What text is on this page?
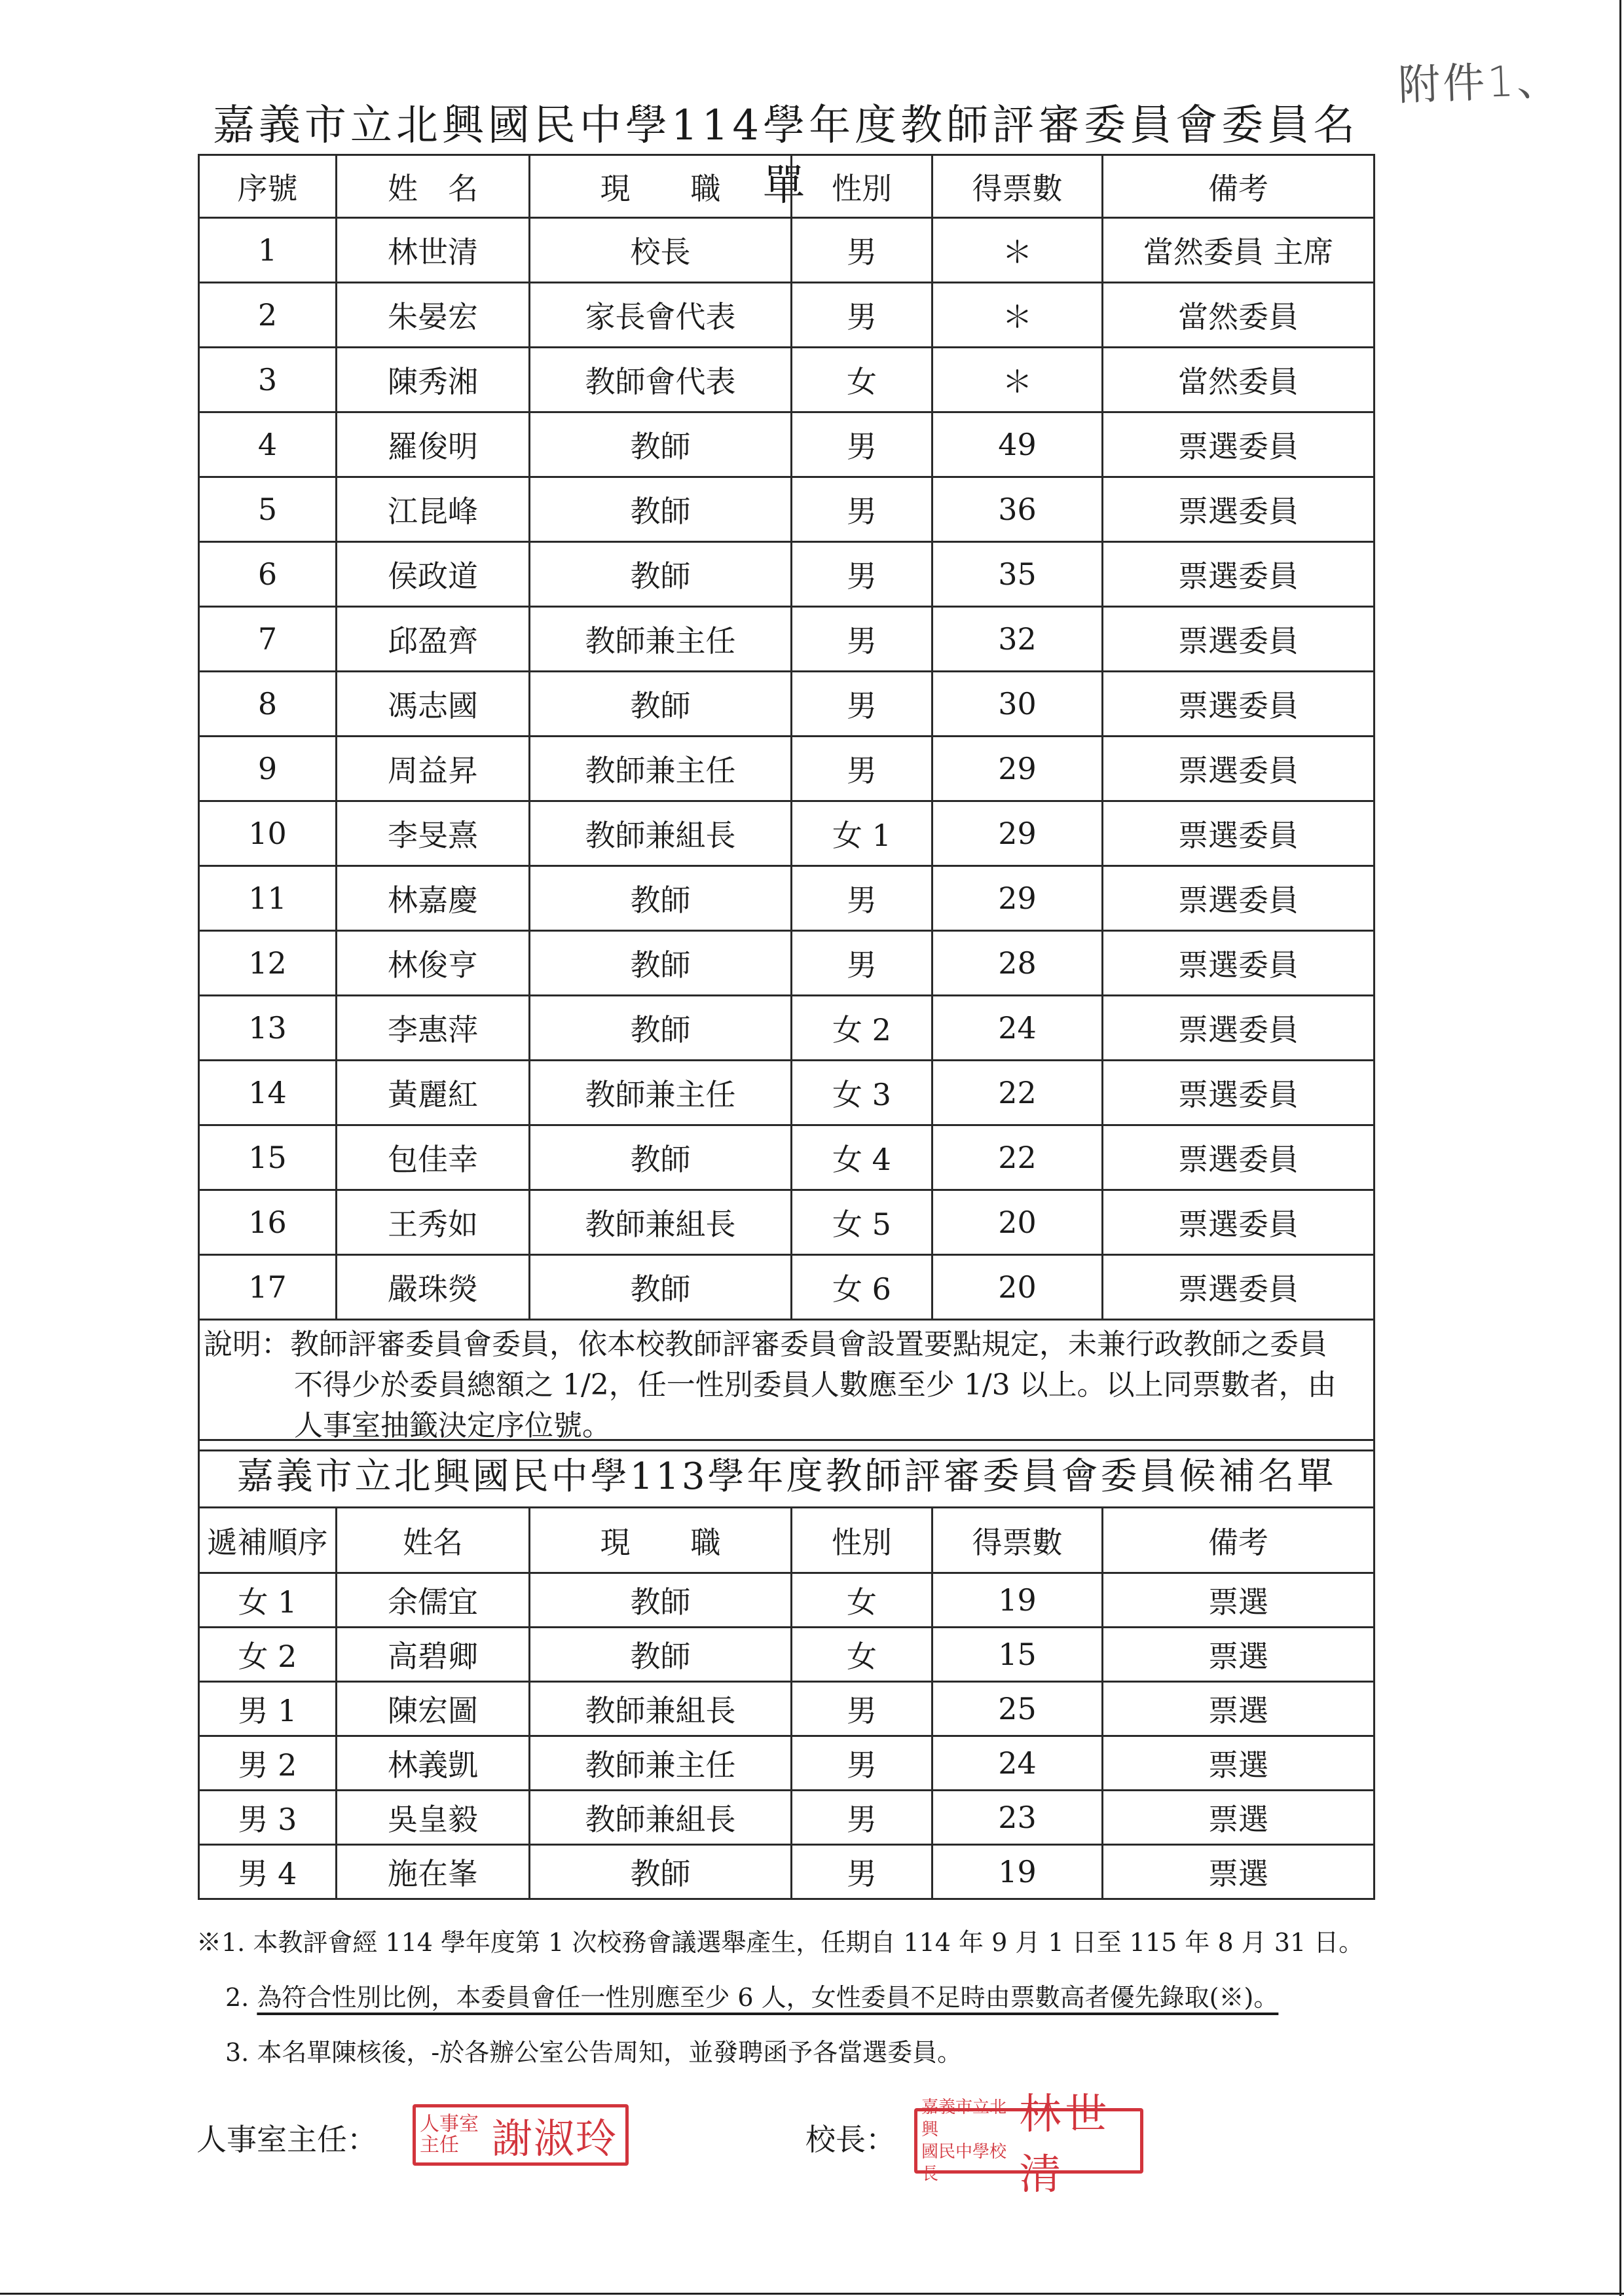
附件1、
嘉義市立北興國民中學114學年度教師評審委員會委員名單
序號	姓　名	現　　職	性別	得票數	備考
1	林世清	校長	男	＊	當然委員 主席
2	朱晏宏	家長會代表	男	＊	當然委員
3	陳秀湘	教師會代表	女	＊	當然委員
4	羅俊明	教師	男	49	票選委員
5	江昆峰	教師	男	36	票選委員
6	侯政道	教師	男	35	票選委員
7	邱盈齊	教師兼主任	男	32	票選委員
8	馮志國	教師	男	30	票選委員
9	周益昇	教師兼主任	男	29	票選委員
10	李旻熹	教師兼組長	女 1	29	票選委員
11	林嘉慶	教師	男	29	票選委員
12	林俊亨	教師	男	28	票選委員
13	李惠萍	教師	女 2	24	票選委員
14	黃麗紅	教師兼主任	女 3	22	票選委員
15	包佳幸	教師	女 4	22	票選委員
16	王秀如	教師兼組長	女 5	20	票選委員
17	嚴珠熒	教師	女 6	20	票選委員
說明：教師評審委員會委員，依本校教師評審委員會設置要點規定，未兼行政教師之委員
不得少於委員總額之 1/2，任一性別委員人數應至少 1/3 以上。以上同票數者，由
人事室抽籤決定序位號。					
嘉義市立北興國民中學113學年度教師評審委員會委員候補名單					
遞補順序	姓名	現　　職	性別	得票數	備考
女 1	余儒宜	教師	女	19	票選
女 2	高碧卿	教師	女	15	票選
男 1	陳宏圖	教師兼組長	男	25	票選
男 2	林義凱	教師兼主任	男	24	票選
男 3	吳皇毅	教師兼組長	男	23	票選
男 4	施在峯	教師	男	19	票選
※1. 本教評會經 114 學年度第 1 次校務會議選舉產生，任期自 114 年 9 月 1 日至 115 年 8 月 31 日。
2. 為符合性別比例，本委員會任一性別應至少 6 人，女性委員不足時由票數高者優先錄取(※)。
3. 本名單陳核後，-於各辦公室公告周知，並發聘函予各當選委員。
人事室主任： 人事室主任 謝淑玲	校長：
嘉義市立北興
國民中學校長
林世清
